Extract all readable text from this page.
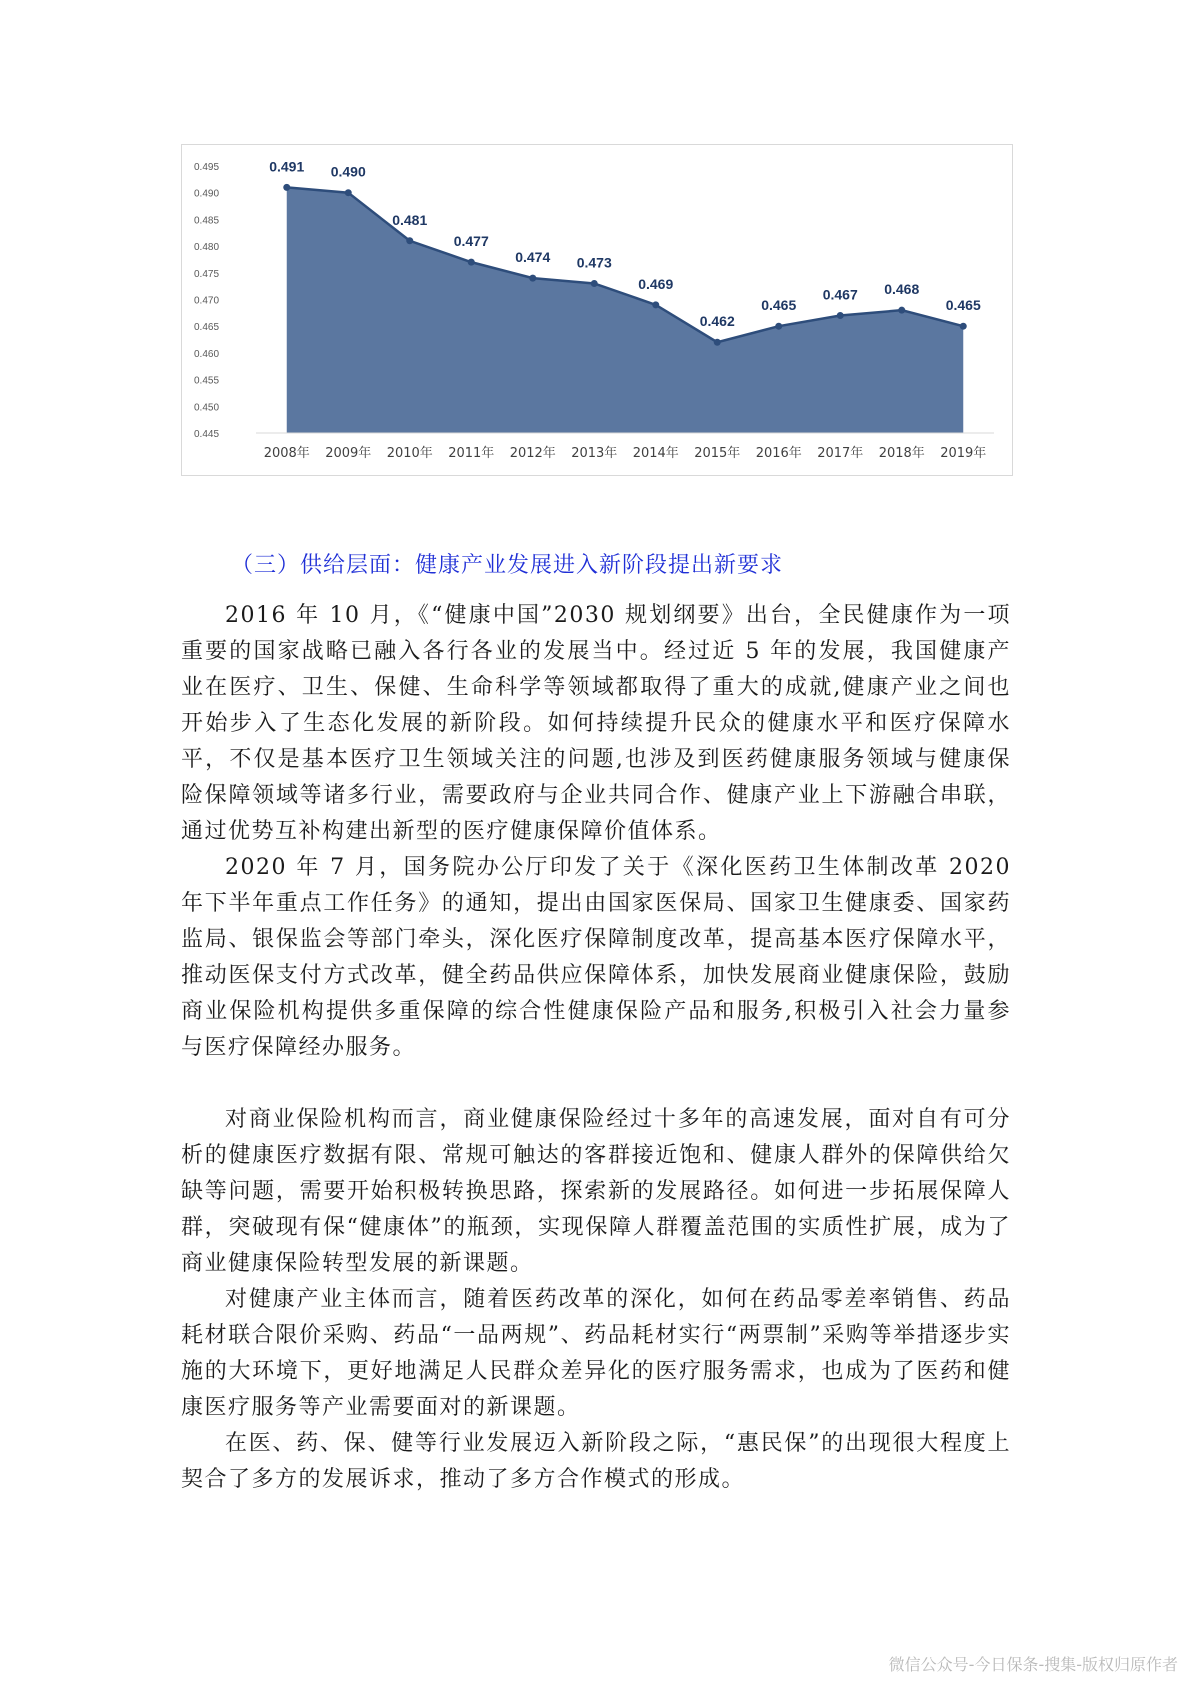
0.495
0.490
0.485
0.480
0.475
0.470
0.465
0.460
0.455
0.450
0.445
0.491 0.490
0.481
0.477
0.474 0.473
0.469
0.462
0.465
0.467 0.468
0.465
2008年 2009年 2010年 2011年 2012年 2013年 2014年 2015年 2016年 2017年 2018年 2019年
（三）供给层面：健康产业发展进入新阶段提出新要求

2016 年 10 月，《“健康中国”2030 规划纲要》出台，全民健康作为一项重要的国家战略已融入各行各业的发展当中。经过近 5 年的发展，我国健康产业在医疗、卫生、保健、生命科学等领域都取得了重大的成就,健康产业之间也开始步入了生态化发展的新阶段。如何持续提升民众的健康水平和医疗保障水平，不仅是基本医疗卫生领域关注的问题,也涉及到医药健康服务领域与健康保险保障领域等诸多行业，需要政府与企业共同合作、健康产业上下游融合串联，通过优势互补构建出新型的医疗健康保障价值体系。

2020 年 7 月，国务院办公厅印发了关于《深化医药卫生体制改革 2020 年下半年重点工作任务》的通知，提出由国家医保局、国家卫生健康委、国家药监局、银保监会等部门牵头，深化医疗保障制度改革，提高基本医疗保障水平，推动医保支付方式改革，健全药品供应保障体系，加快发展商业健康保险，鼓励商业保险机构提供多重保障的综合性健康保险产品和服务,积极引入社会力量参与医疗保障经办服务。

对商业保险机构而言，商业健康保险经过十多年的高速发展，面对自有可分析的健康医疗数据有限、常规可触达的客群接近饱和、健康人群外的保障供给欠缺等问题，需要开始积极转换思路，探索新的发展路径。如何进一步拓展保障人群，突破现有保“健康体”的瓶颈，实现保障人群覆盖范围的实质性扩展，成为了商业健康保险转型发展的新课题。

对健康产业主体而言，随着医药改革的深化，如何在药品零差率销售、药品耗材联合限价采购、药品“一品两规”、药品耗材实行“两票制”采购等举措逐步实施的大环境下，更好地满足人民群众差异化的医疗服务需求，也成为了医药和健康医疗服务等产业需要面对的新课题。

在医、药、保、健等行业发展迈入新阶段之际，“惠民保”的出现很大程度上契合了多方的发展诉求，推动了多方合作模式的形成。

微信公众号-今日保条-搜集-版权归原作者
